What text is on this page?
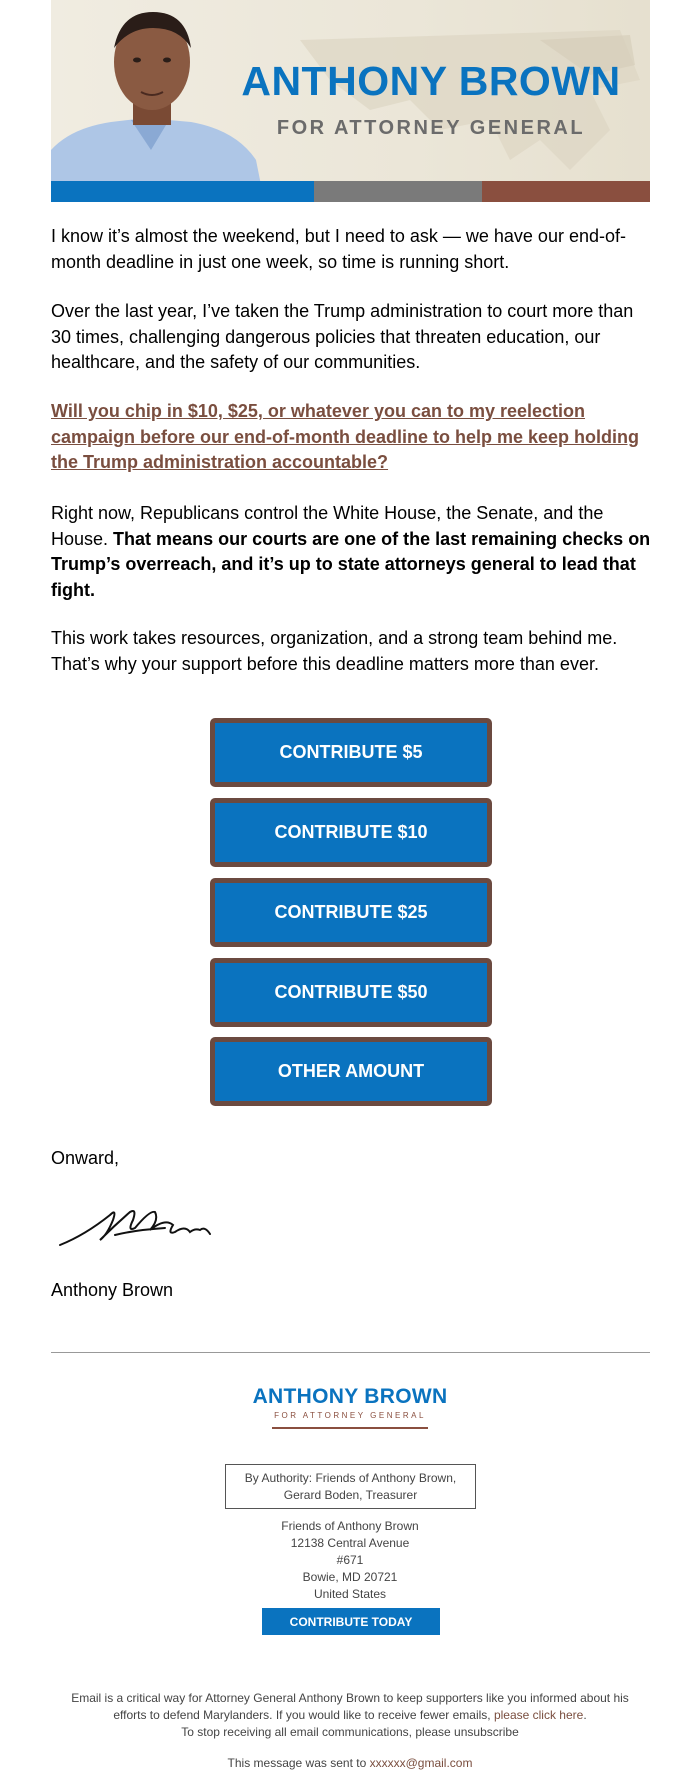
ANTHONY BROWN
FOR ATTORNEY GENERAL

I know it’s almost the weekend, but I need to ask — we have our end-of-month deadline in just one week, so time is running short.

Over the last year, I’ve taken the Trump administration to court more than 30 times, challenging dangerous policies that threaten education, our healthcare, and the safety of our communities.

Will you chip in $10, $25, or whatever you can to my reelection campaign before our end-of-month deadline to help me keep holding the Trump administration accountable?

Right now, Republicans control the White House, the Senate, and the House. That means our courts are one of the last remaining checks on Trump’s overreach, and it’s up to state attorneys general to lead that fight.

This work takes resources, organization, and a strong team behind me. That’s why your support before this deadline matters more than ever.

CONTRIBUTE $5
CONTRIBUTE $10
CONTRIBUTE $25
CONTRIBUTE $50
OTHER AMOUNT
Onward,
Anthony Brown
ANTHONY BROWN
FOR ATTORNEY GENERAL
By Authority: Friends of Anthony Brown,
Gerard Boden, Treasurer
Friends of Anthony Brown
12138 Central Avenue
#671
Bowie, MD 20721
United States
CONTRIBUTE TODAY
Email is a critical way for Attorney General Anthony Brown to keep supporters like you informed about his efforts to defend Marylanders. If you would like to receive fewer emails, please click here.
To stop receiving all email communications, please unsubscribe
This message was sent to xxxxxx@gmail.com
